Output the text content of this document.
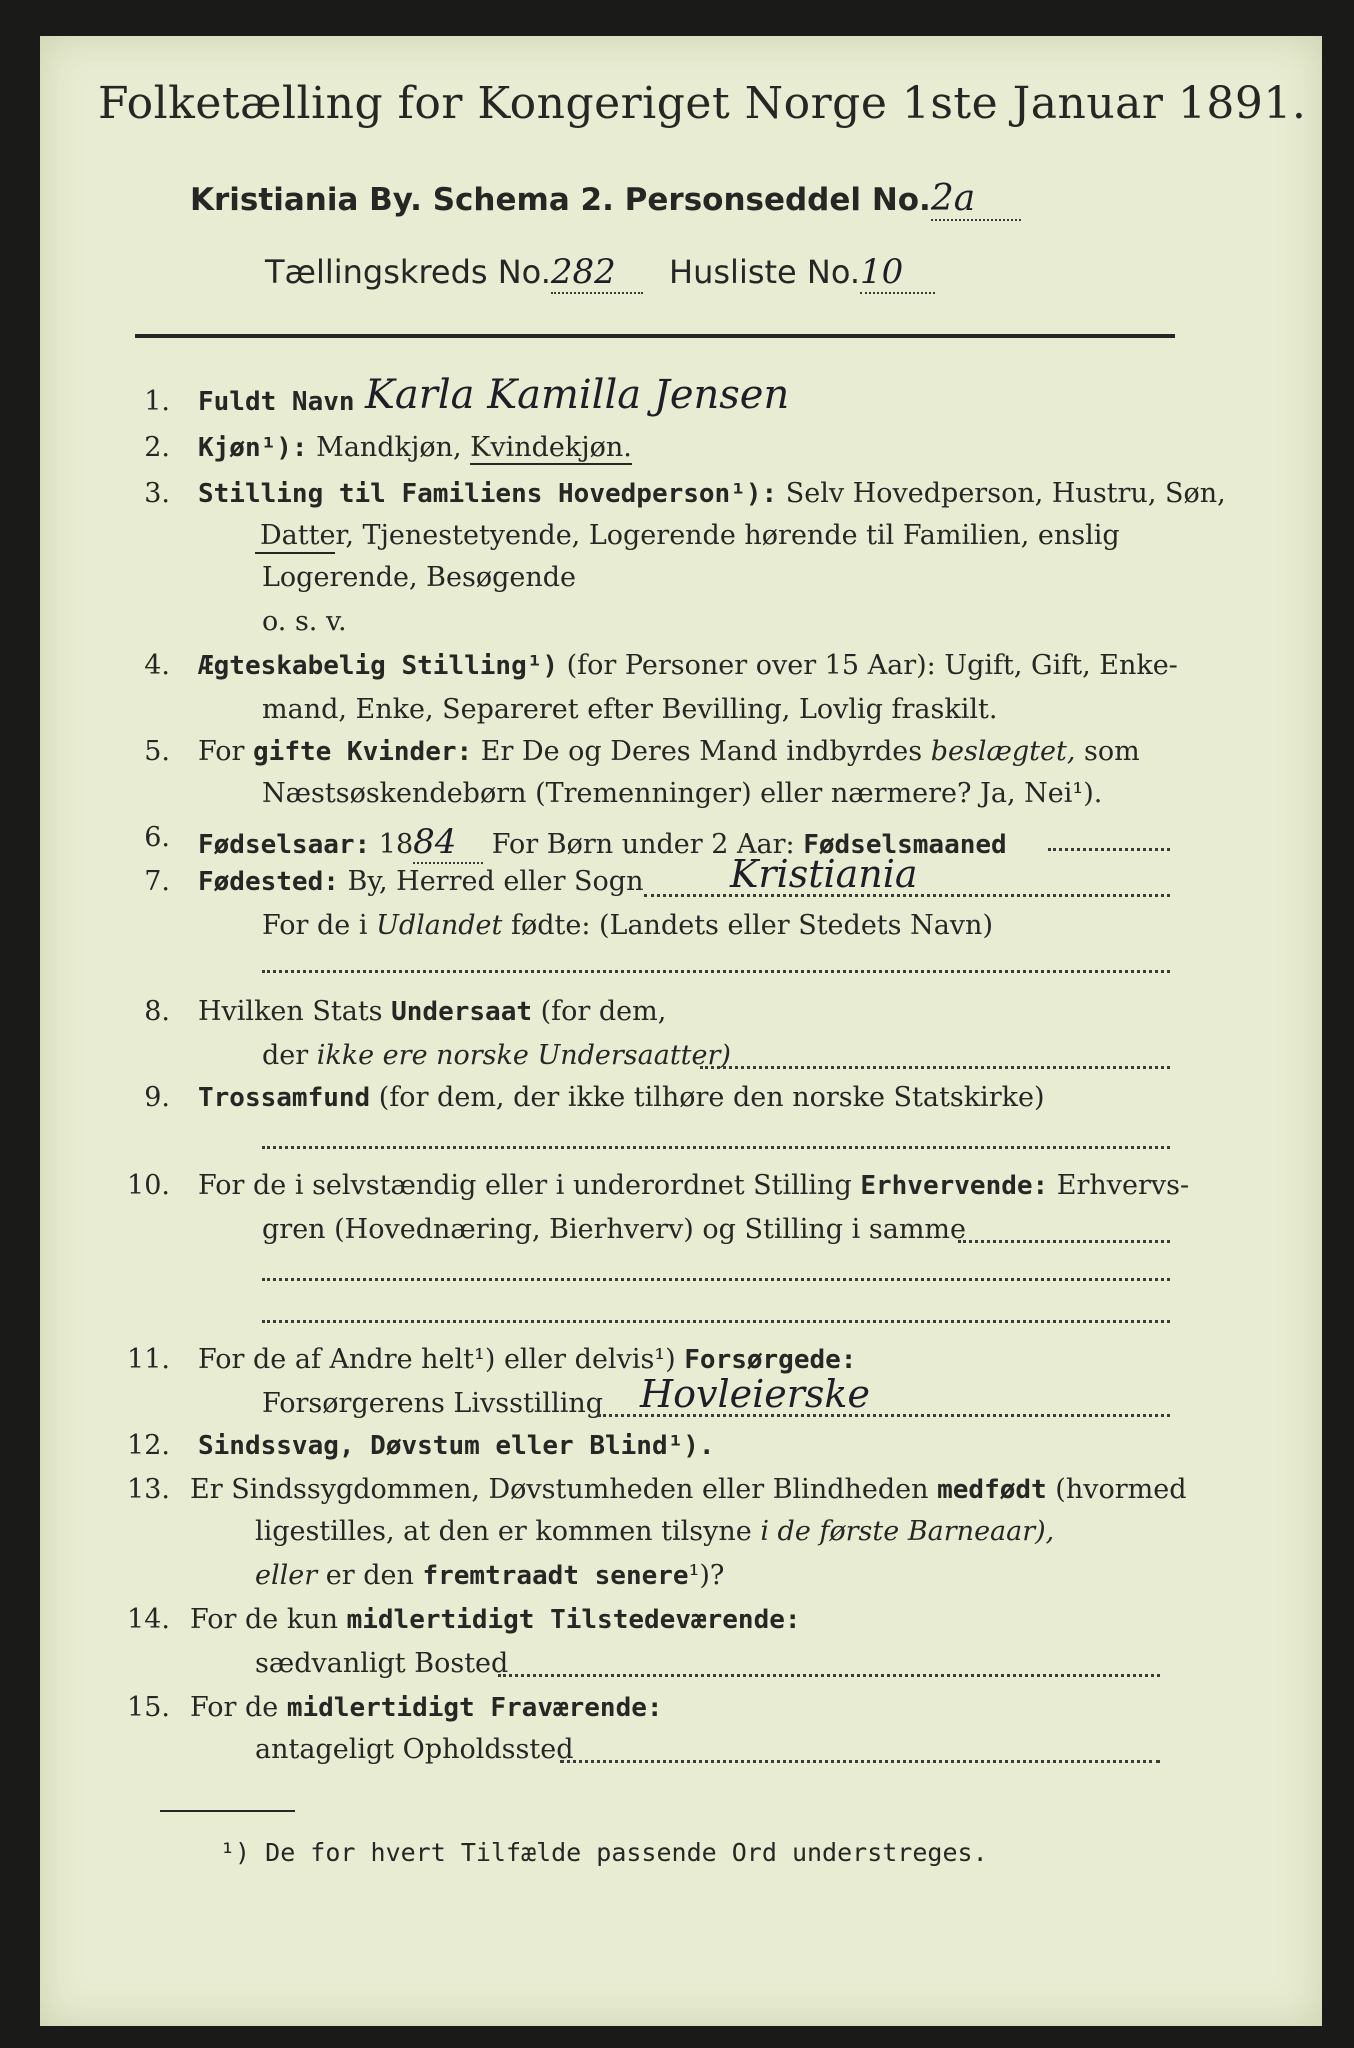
Folketælling for Kongeriget Norge 1ste Januar 1891.
Kristiania By. Schema 2. Personseddel No.2a
Tællingskreds No.282 Husliste No.10
1. Fuldt Navn Karla Kamilla Jensen
2. Kjøn¹): Mandkjøn, Kvindekjøn.
3. Stilling til Familiens Hovedperson¹): Selv Hovedperson, Hustru, Søn,
Datter, Tjenestetyende, Logerende hørende til Familien, enslig
Logerende, Besøgende
o. s. v.
4. Ægteskabelig Stilling¹) (for Personer over 15 Aar): Ugift, Gift, Enke-
mand, Enke, Separeret efter Bevilling, Lovlig fraskilt.
5. For gifte Kvinder: Er De og Deres Mand indbyrdes beslægtet, som
Næstsøskendebørn (Tremenninger) eller nærmere? Ja, Nei¹).
6. Fødselsaar: 1884 For Børn under 2 Aar: Fødselsmaaned
7. Fødested: By, Herred eller Sogn Kristiania
For de i Udlandet fødte: (Landets eller Stedets Navn)
8. Hvilken Stats Undersaat (for dem,
der ikke ere norske Undersaatter)
9. Trossamfund (for dem, der ikke tilhøre den norske Statskirke)
10. For de i selvstændig eller i underordnet Stilling Erhvervende: Erhvervs-
gren (Hovednæring, Bierhverv) og Stilling i samme
11. For de af Andre helt¹) eller delvis¹) Forsørgede:
Forsørgerens Livsstilling Hovleierske
12. Sindssvag, Døvstum eller Blind¹).
13. Er Sindssygdommen, Døvstumheden eller Blindheden medfødt (hvormed
ligestilles, at den er kommen tilsyne i de første Barneaar),
eller er den fremtraadt senere¹)?
14. For de kun midlertidigt Tilstedeværende:
sædvanligt Bosted
15. For de midlertidigt Fraværende:
antageligt Opholdssted
¹) De for hvert Tilfælde passende Ord understreges.
